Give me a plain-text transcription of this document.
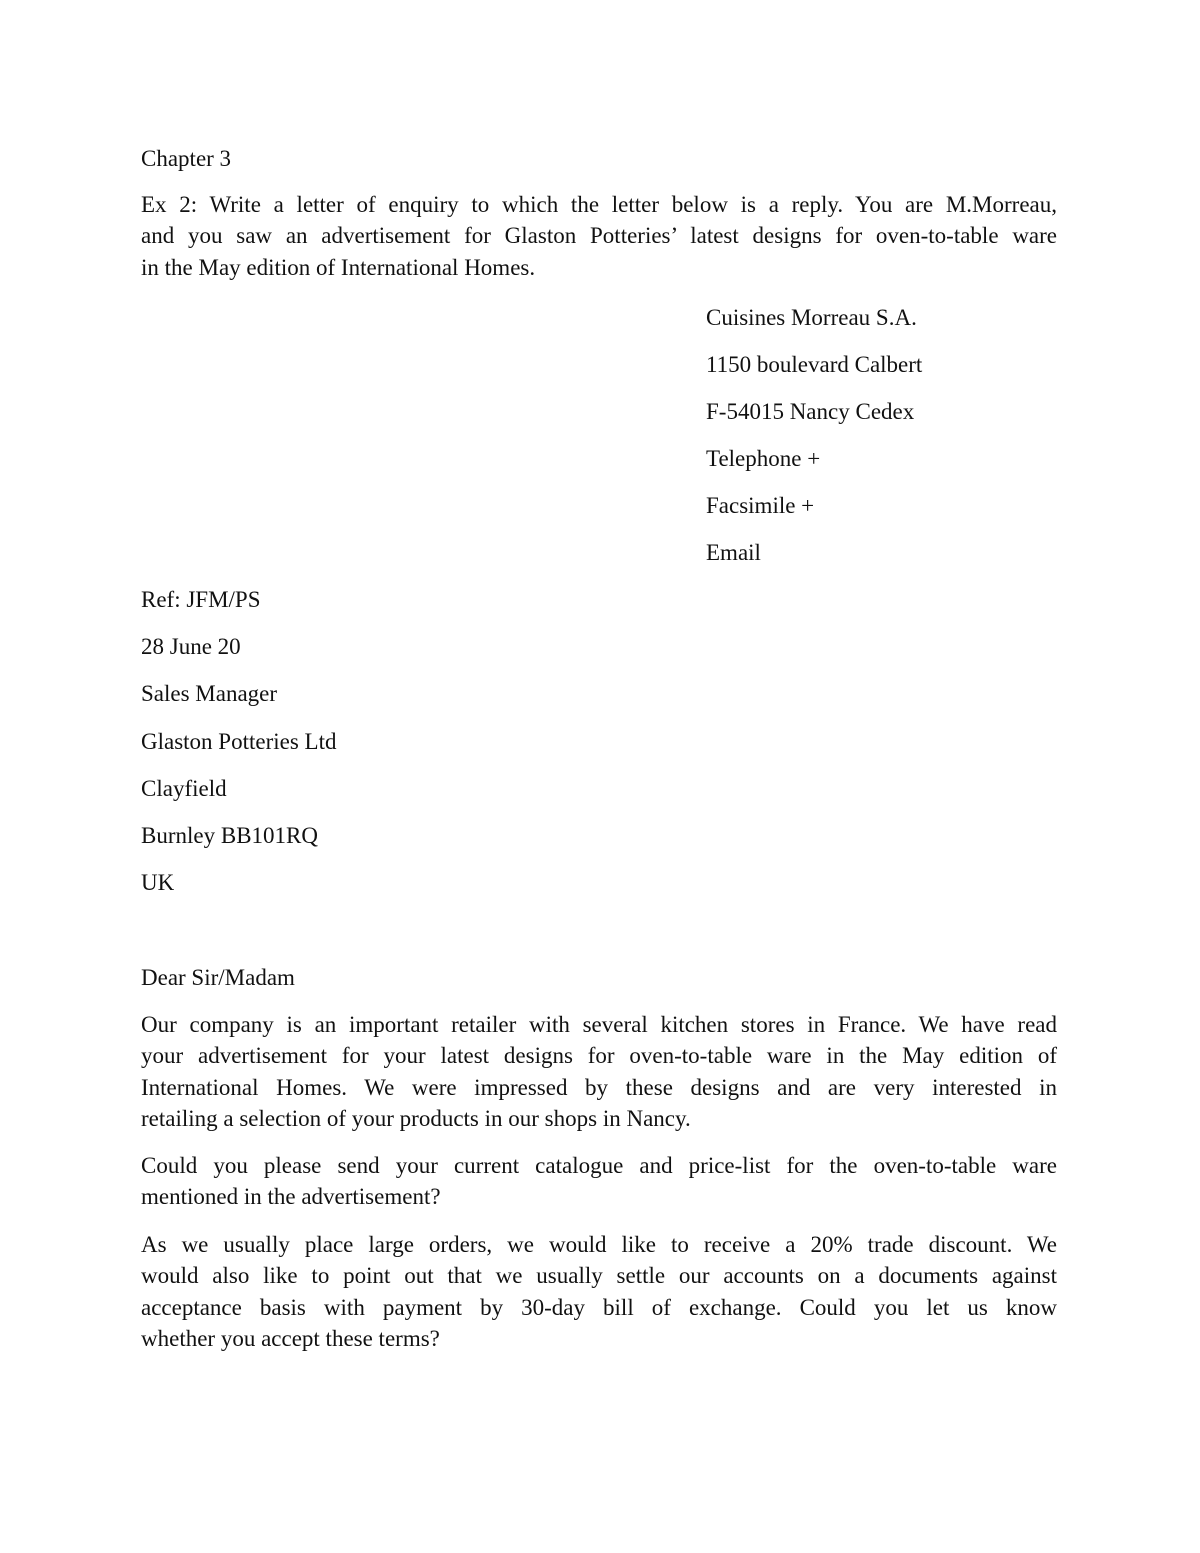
Chapter 3
Ex 2: Write a letter of enquiry to which the letter below is a reply. You are M.Morreau,
and you saw an advertisement for Glaston Potteries’ latest designs for oven-to-table ware
in the May edition of International Homes.
Cuisines Morreau S.A.
1150 boulevard Calbert
F-54015 Nancy Cedex
Telephone +
Facsimile +
Email
Ref: JFM/PS
28 June 20
Sales Manager
Glaston Potteries Ltd
Clayfield
Burnley BB101RQ
UK
Dear Sir/Madam
Our company is an important retailer with several kitchen stores in France. We have read
your advertisement for your latest designs for oven-to-table ware in the May edition of
International Homes. We were impressed by these designs and are very interested in
retailing a selection of your products in our shops in Nancy.
Could you please send your current catalogue and price-list for the oven-to-table ware
mentioned in the advertisement?
As we usually place large orders, we would like to receive a 20% trade discount. We
would also like to point out that we usually settle our accounts on a documents against
acceptance basis with payment by 30-day bill of exchange. Could you let us know
whether you accept these terms?
